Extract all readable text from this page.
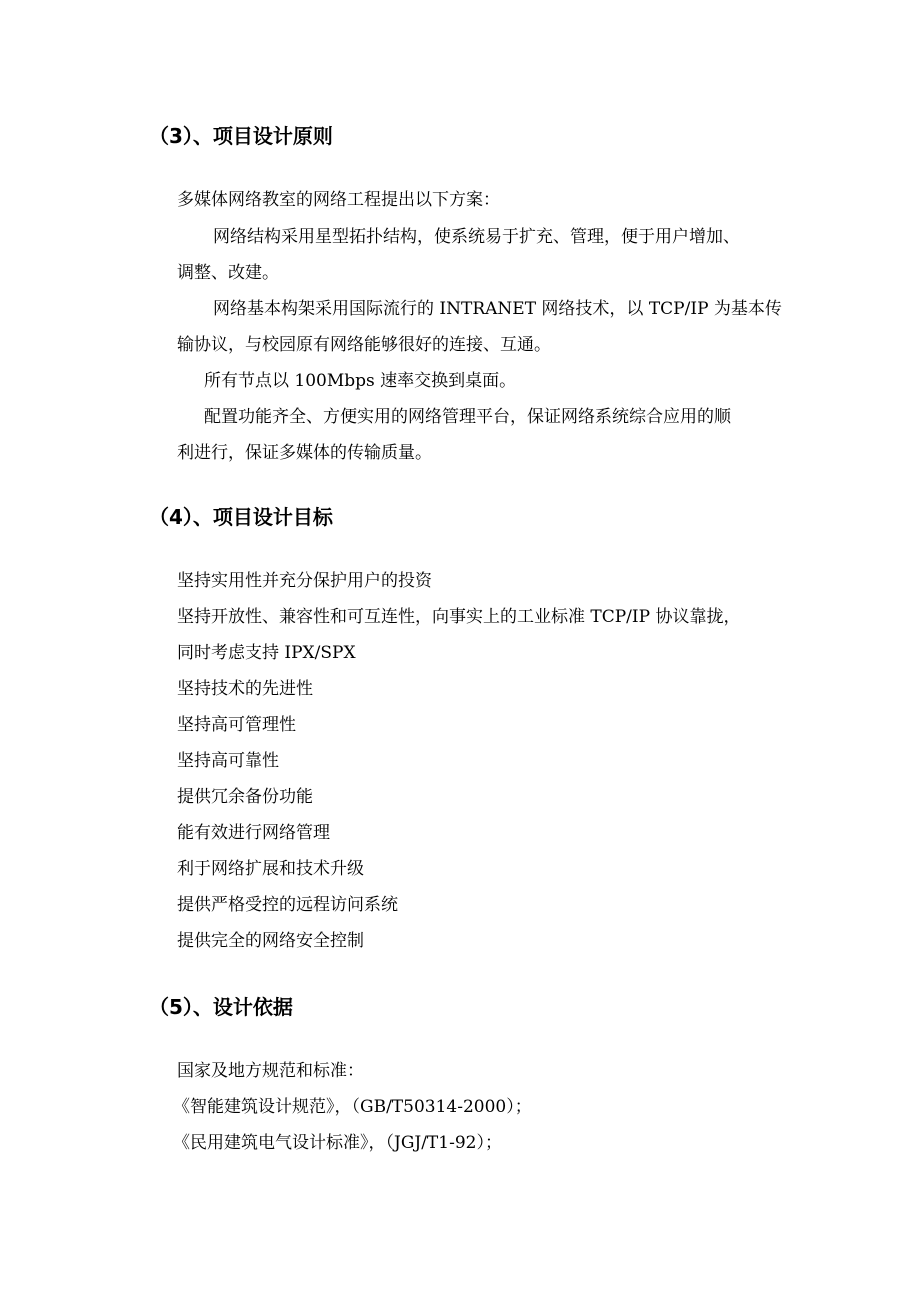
（3）、项目设计原则
多媒体网络教室的网络工程提出以下方案：
网络结构采用星型拓扑结构，使系统易于扩充、管理，便于用户增加、
调整、改建。
网络基本构架采用国际流行的 INTRANET 网络技术，以 TCP/IP 为基本传
输协议，与校园原有网络能够很好的连接、互通。
所有节点以 100Mbps 速率交换到桌面。
配置功能齐全、方便实用的网络管理平台，保证网络系统综合应用的顺
利进行，保证多媒体的传输质量。
（4）、项目设计目标
坚持实用性并充分保护用户的投资
坚持开放性、兼容性和可互连性，向事实上的工业标准 TCP/IP 协议靠拢，
同时考虑支持 IPX/SPX
坚持技术的先进性
坚持高可管理性
坚持高可靠性
提供冗余备份功能
能有效进行网络管理
利于网络扩展和技术升级
提供严格受控的远程访问系统
提供完全的网络安全控制
（5）、设计依据
国家及地方规范和标准：
《智能建筑设计规范》，（GB/T50314-2000）；
《民用建筑电气设计标准》，（JGJ/T1-92）；
